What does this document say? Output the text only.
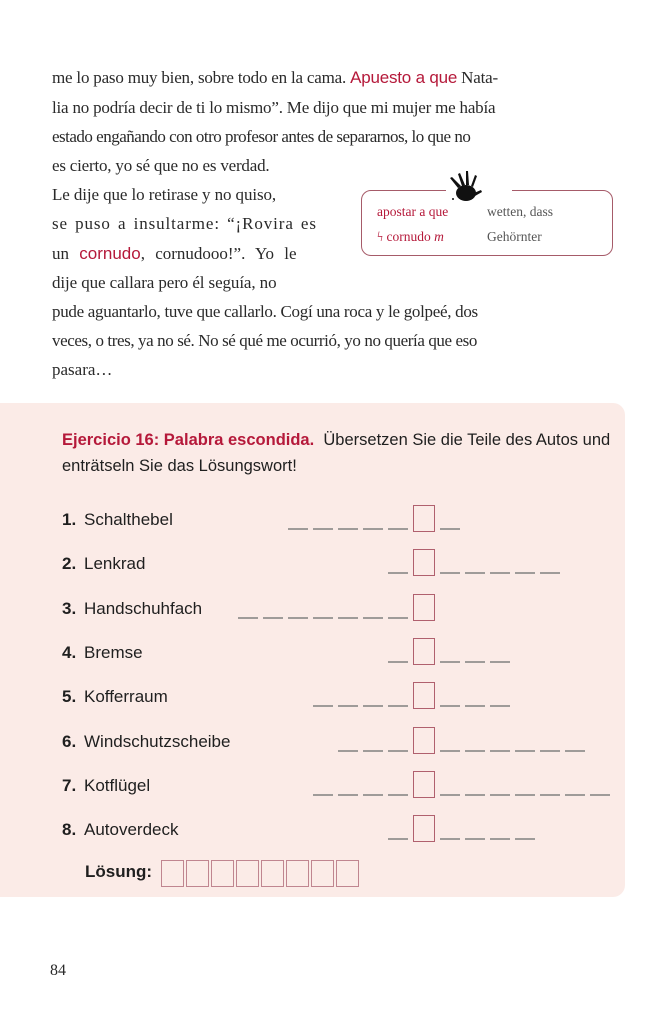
me lo paso muy bien, sobre todo en la cama. Apuesto a que Nata-
lia no podría decir de ti lo mismo”. Me dijo que mi mujer me había
estado engañando con otro profesor antes de separarnos, lo que no
es cierto, yo sé que no es verdad.
Le dije que lo retirase y no quiso,
se puso a insultarme: “¡Rovira es
un cornudo, cornudooo!”. Yo le
dije que callara pero él seguía, no
pude aguantarlo, tuve que callarlo. Cogí una roca y le golpeé, dos
veces, o tres, ya no sé. No sé qué me ocurrió, yo no quería que eso
pasara…
apostar a que	wetten, dass
ϟ cornudo m	Gehörnter
Ejercicio 16: Palabra escondida. Übersetzen Sie die Teile des Autos und enträtseln Sie das Lösungswort!
1. Schalthebel
2. Lenkrad
3. Handschuhfach
4. Bremse
5. Kofferraum
6. Windschutzscheibe
7. Kotflügel
8. Autoverdeck
Lösung:
84
